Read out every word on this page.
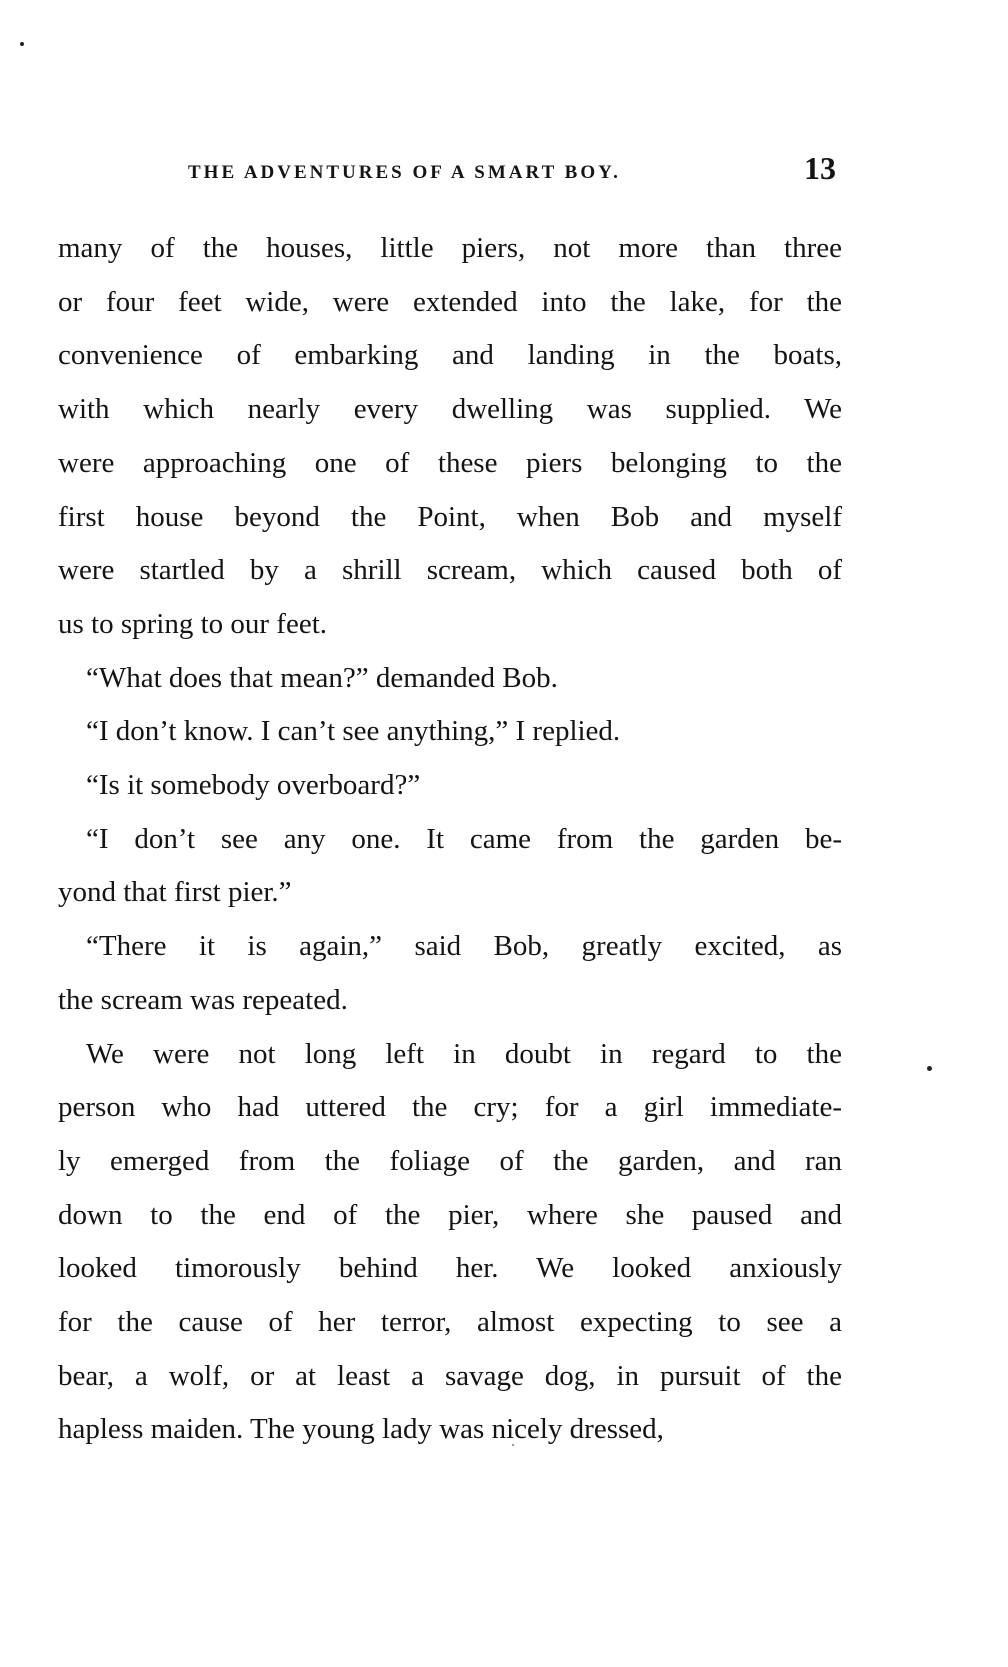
THE ADVENTURES OF A SMART BOY.	13

many of the houses, little piers, not more than three
or four feet wide, were extended into the lake, for the
convenience of embarking and landing in the boats,
with which nearly every dwelling was supplied. We
were approaching one of these piers belonging to the
first house beyond the Point, when Bob and myself
were startled by a shrill scream, which caused both of
us to spring to our feet.

“What does that mean?” demanded Bob.

“I don’t know. I can’t see anything,” I replied.

“Is it somebody overboard?”

“I don’t see any one. It came from the garden be-
yond that first pier.”

“There it is again,” said Bob, greatly excited, as
the scream was repeated.

We were not long left in doubt in regard to the
person who had uttered the cry; for a girl immediate-
ly emerged from the foliage of the garden, and ran
down to the end of the pier, where she paused and
looked timorously behind her. We looked anxiously
for the cause of her terror, almost expecting to see a
bear, a wolf, or at least a savage dog, in pursuit of the
hapless maiden. The young lady was nicely dressed,
